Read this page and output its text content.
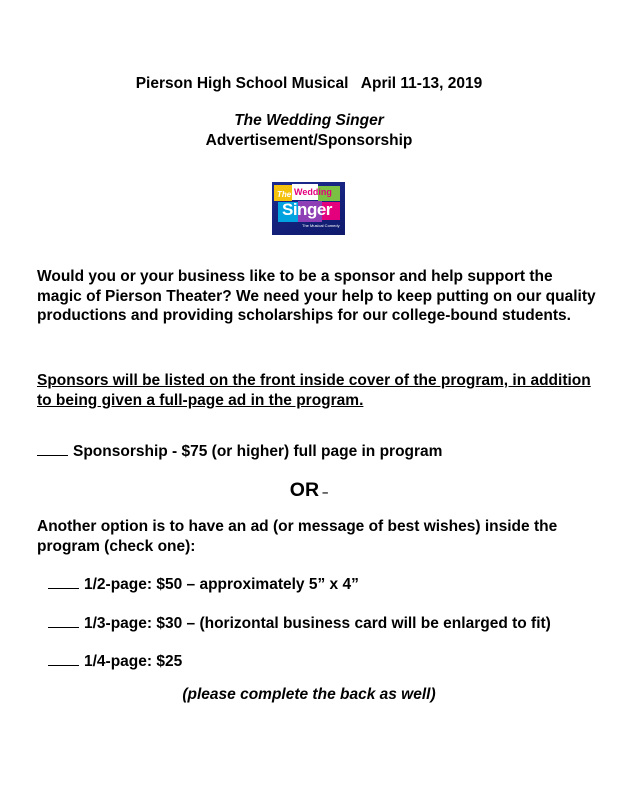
Pierson High School Musical   April 11-13, 2019
The Wedding Singer
Advertisement/Sponsorship
The Wedding
Singer
The Musical Comedy
Would you or your business like to be a sponsor and help support the magic of Pierson Theater? We need your help to keep putting on our quality productions and providing scholarships for our college-bound students.
Sponsors will be listed on the front inside cover of the program, in addition to being given a full-page ad in the program.
Sponsorship - $75 (or higher) full page in program
OR –
Another option is to have an ad (or message of best wishes) inside the program (check one):
1/2-page: $50 – approximately 5” x 4”
1/3-page: $30 – (horizontal business card will be enlarged to fit)
1/4-page: $25
(please complete the back as well)
